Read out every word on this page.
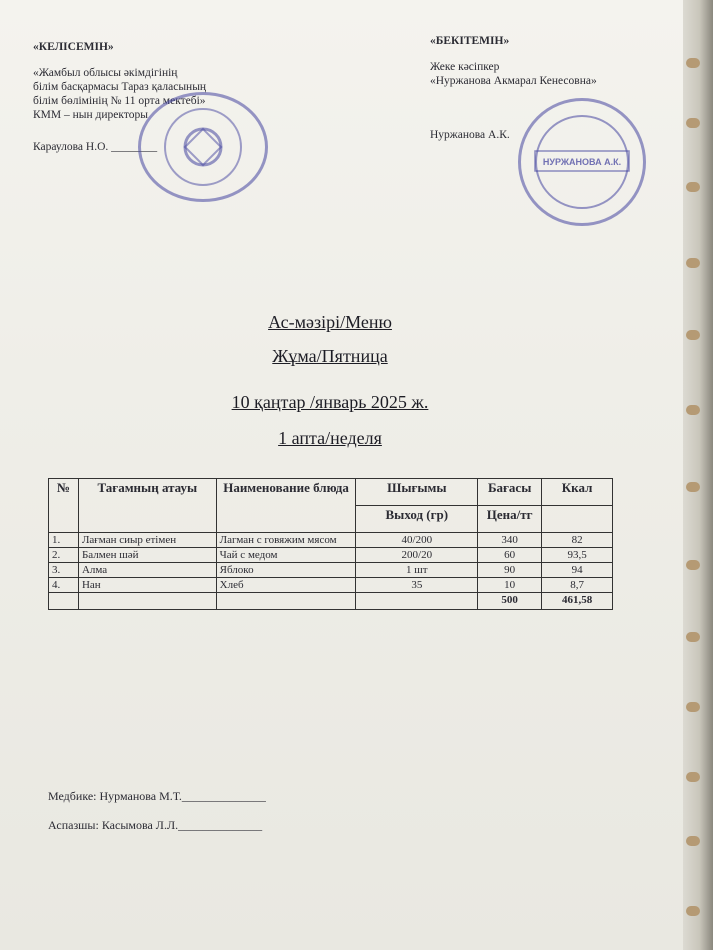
«КЕЛІСЕМІН»
«Жамбыл облысы әкімдігінің
білім басқармасы Тараз қаласының
білім бөлімінің № 11 орта мектебі»
КММ – нын директоры
Караулова Н.О. ________
«БЕКІТЕМІН»
Жеке кәсіпкер
«Нуржанова Акмарал Кенесовна»
Нуржанова А.К.
НУРЖАНОВА А.К.
Ас-мәзірі/Меню
Жұма/Пятница
10 қаңтар /январь 2025 ж.
1 апта/неделя
№	Тағамның атауы	Наименование блюда	Шығымы	Бағасы	Ккал
			Выход (гр)	Цена/тг	
1.	Лағман сиыр етімен	Лагман с говяжим мясом	40/200	340	82
2.	Балмен шәй	Чай с медом	200/20	60	93,5
3.	Алма	Яблоко	1 шт	90	94
4.	Нан	Хлеб	35	10	8,7
				500	461,58
Медбике: Нурманова М.Т.______________
Аспазшы: Касымова Л.Л.______________
